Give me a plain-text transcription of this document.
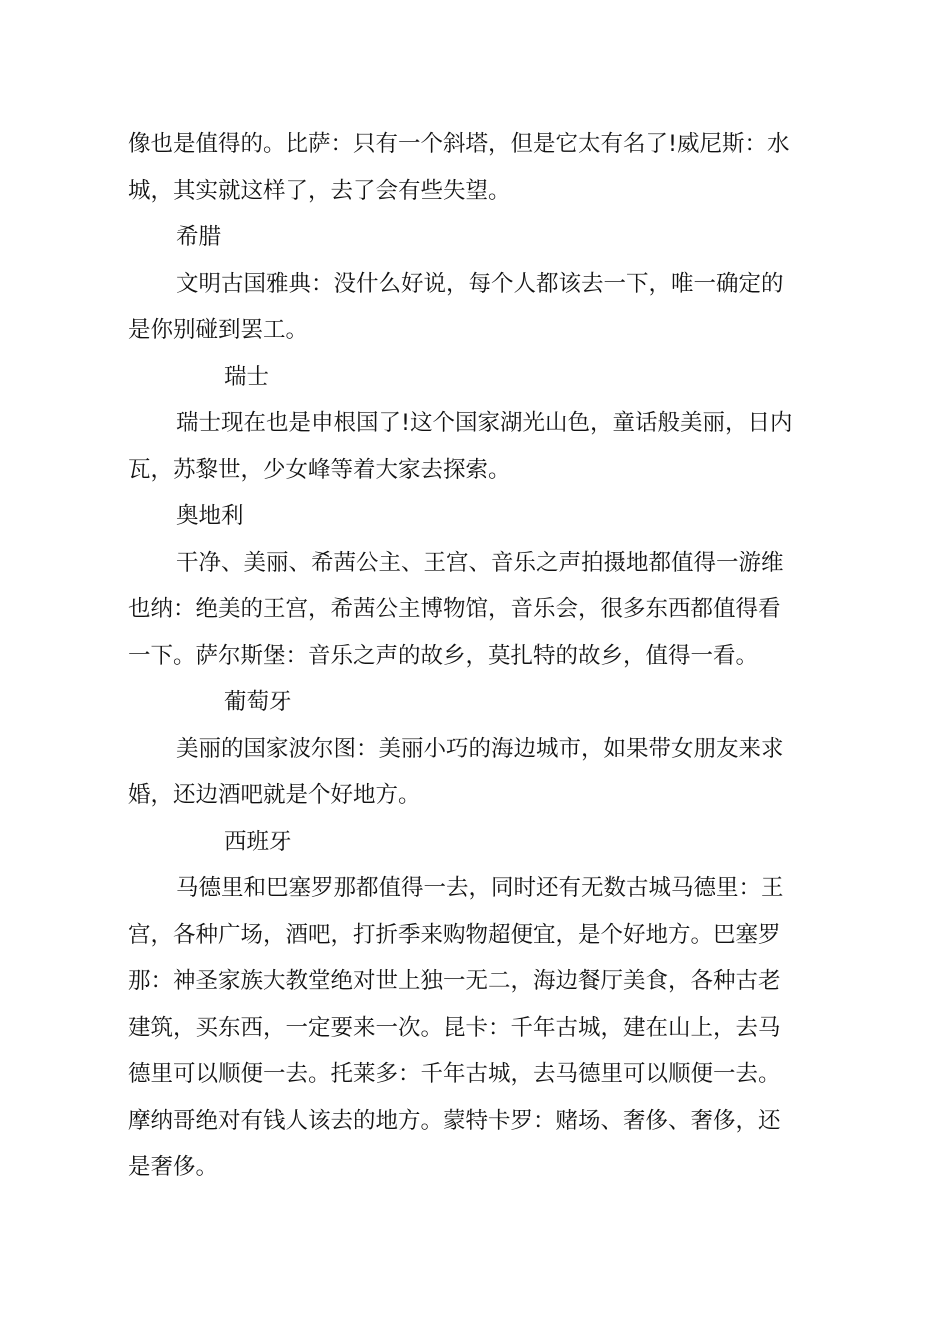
像也是值得的。比萨：只有一个斜塔，但是它太有名了!威尼斯：水
城，其实就这样了，去了会有些失望。
希腊
文明古国雅典：没什么好说，每个人都该去一下，唯一确定的
是你别碰到罢工。
瑞士
瑞士现在也是申根国了!这个国家湖光山色，童话般美丽，日内
瓦，苏黎世，少女峰等着大家去探索。
奥地利
干净、美丽、希茜公主、王宫、音乐之声拍摄地都值得一游维
也纳：绝美的王宫，希茜公主博物馆，音乐会，很多东西都值得看
一下。萨尔斯堡：音乐之声的故乡，莫扎特的故乡，值得一看。
葡萄牙
美丽的国家波尔图：美丽小巧的海边城市，如果带女朋友来求
婚，还边酒吧就是个好地方。
西班牙
马德里和巴塞罗那都值得一去，同时还有无数古城马德里：王
宫，各种广场，酒吧，打折季来购物超便宜，是个好地方。巴塞罗
那：神圣家族大教堂绝对世上独一无二，海边餐厅美食，各种古老
建筑，买东西，一定要来一次。昆卡：千年古城，建在山上，去马
德里可以顺便一去。托莱多：千年古城，去马德里可以顺便一去。
摩纳哥绝对有钱人该去的地方。蒙特卡罗：赌场、奢侈、奢侈，还
是奢侈。
